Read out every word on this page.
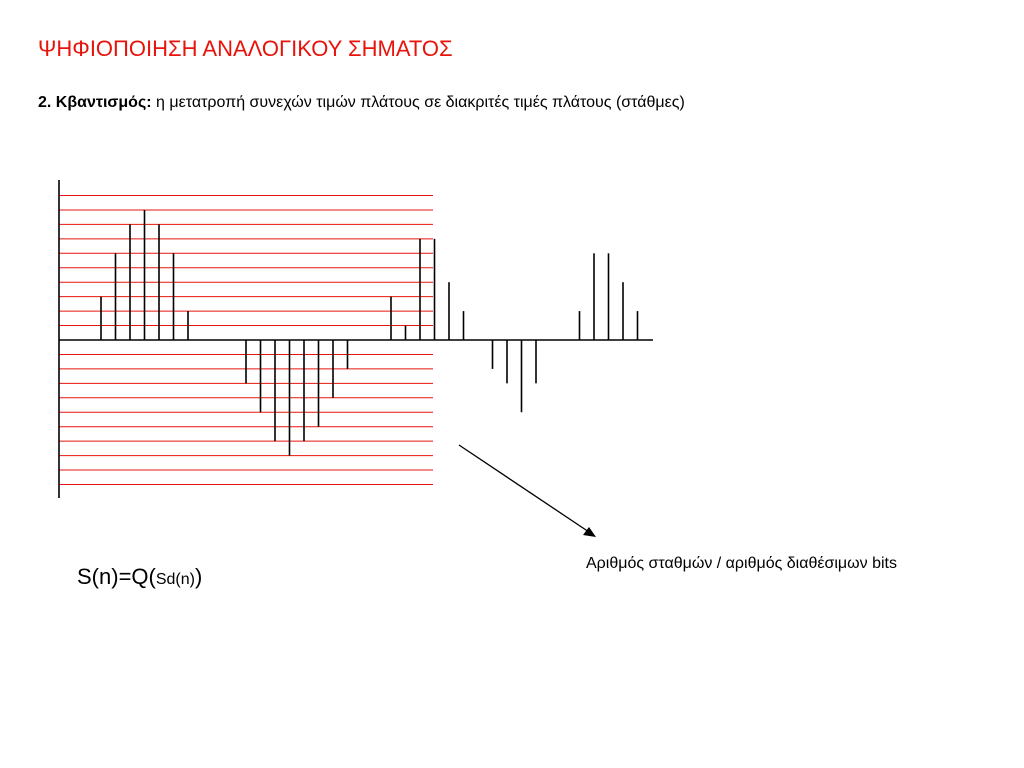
ΨΗΦΙΟΠΟΙΗΣΗ ΑΝΑΛΟΓΙΚΟΥ ΣΗΜΑΤΟΣ
2. Κβαντισμός: η μετατροπή συνεχών τιμών πλάτους σε διακριτές τιμές πλάτους (στάθμες)
Αριθμός σταθμών / αριθμός διαθέσιμων bits
S(n)=Q(Sd(n))
